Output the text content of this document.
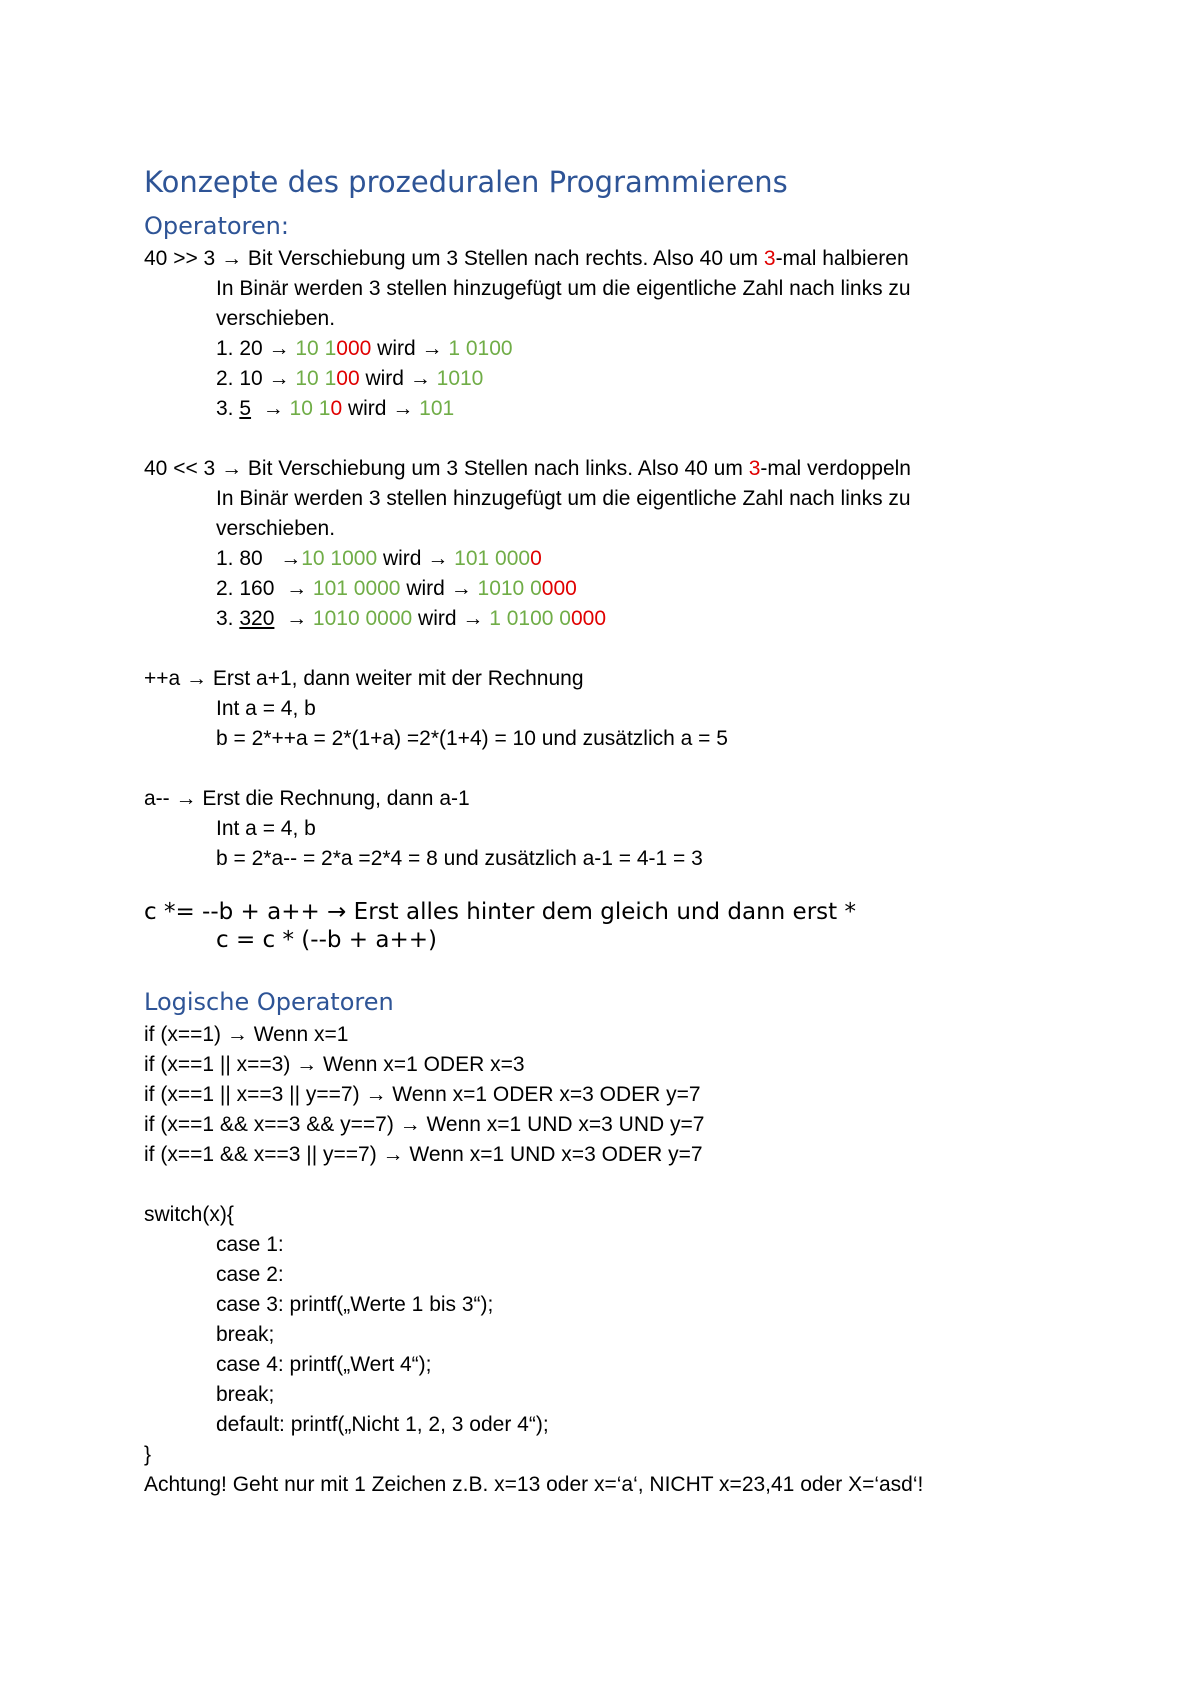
Konzepte des prozeduralen Programmierens
Operatoren:
40 >> 3 → Bit Verschiebung um 3 Stellen nach rechts. Also 40 um 3-mal halbieren
In Binär werden 3 stellen hinzugefügt um die eigentliche Zahl nach links zu
verschieben.
1. 20 → 10 1000 wird → 1 0100
2. 10 → 10 100 wird → 1010
3. 5 → 10 10 wird → 101
40 << 3 → Bit Verschiebung um 3 Stellen nach links. Also 40 um 3-mal verdoppeln
In Binär werden 3 stellen hinzugefügt um die eigentliche Zahl nach links zu
verschieben.
1. 80   →10 1000 wird → 101 0000
2. 160  → 101 0000 wird → 1010 0000
3. 320 → 1010 0000 wird → 1 0100 0000
++a → Erst a+1, dann weiter mit der Rechnung
Int a = 4, b
b = 2*++a = 2*(1+a) =2*(1+4) = 10 und zusätzlich a = 5
a-- → Erst die Rechnung, dann a-1
Int a = 4, b
b = 2*a-- = 2*a =2*4 = 8 und zusätzlich a-1 = 4-1 = 3
c *= --b + a++ → Erst alles hinter dem gleich und dann erst *
c = c * (--b + a++)
Logische Operatoren
if (x==1) → Wenn x=1
if (x==1 || x==3) → Wenn x=1 ODER x=3
if (x==1 || x==3 || y==7) → Wenn x=1 ODER x=3 ODER y=7
if (x==1 && x==3 && y==7) → Wenn x=1 UND x=3 UND y=7
if (x==1 && x==3 || y==7) → Wenn x=1 UND x=3 ODER y=7
switch(x){
case 1:
case 2:
case 3: printf(„Werte 1 bis 3“);
break;
case 4: printf(„Wert 4“);
break;
default: printf(„Nicht 1, 2, 3 oder 4“);
}
Achtung! Geht nur mit 1 Zeichen z.B. x=13 oder x=‘a‘, NICHT x=23,41 oder X=‘asd‘!
